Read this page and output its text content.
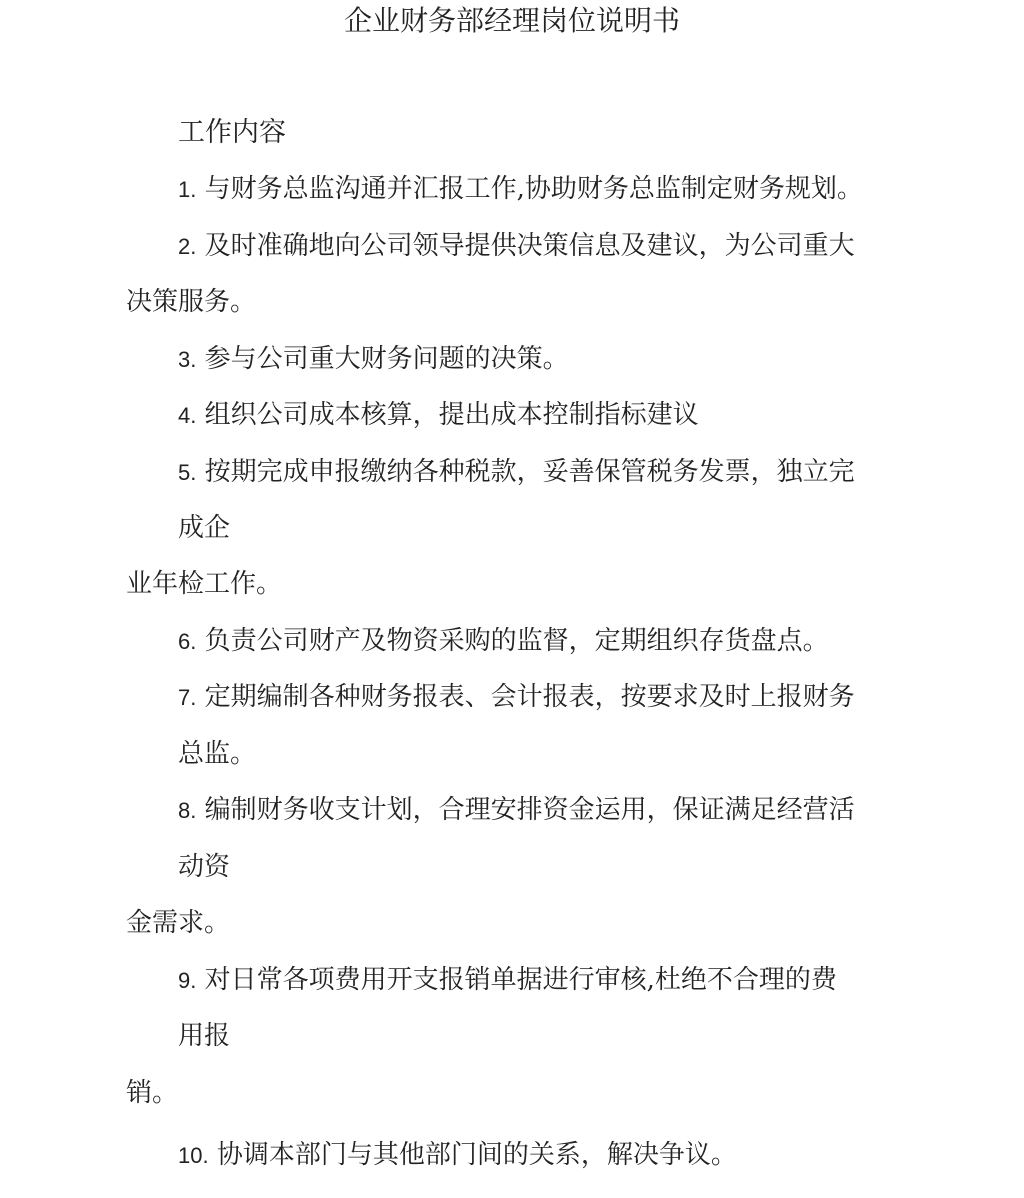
企业财务部经理岗位说明书
工作内容
1. 与财务总监沟通并汇报工作,协助财务总监制定财务规划。
2. 及时准确地向公司领导提供决策信息及建议，为公司重大
决策服务。
3. 参与公司重大财务问题的决策。
4. 组织公司成本核算，提出成本控制指标建议
5. 按期完成申报缴纳各种税款，妥善保管税务发票，独立完
成企
业年检工作。
6. 负责公司财产及物资采购的监督，定期组织存货盘点。
7. 定期编制各种财务报表、会计报表，按要求及时上报财务
总监。
8. 编制财务收支计划，合理安排资金运用，保证满足经营活
动资
金需求。
9. 对日常各项费用开支报销单据进行审核,杜绝不合理的费
用报
销。
10. 协调本部门与其他部门间的关系，解决争议。
